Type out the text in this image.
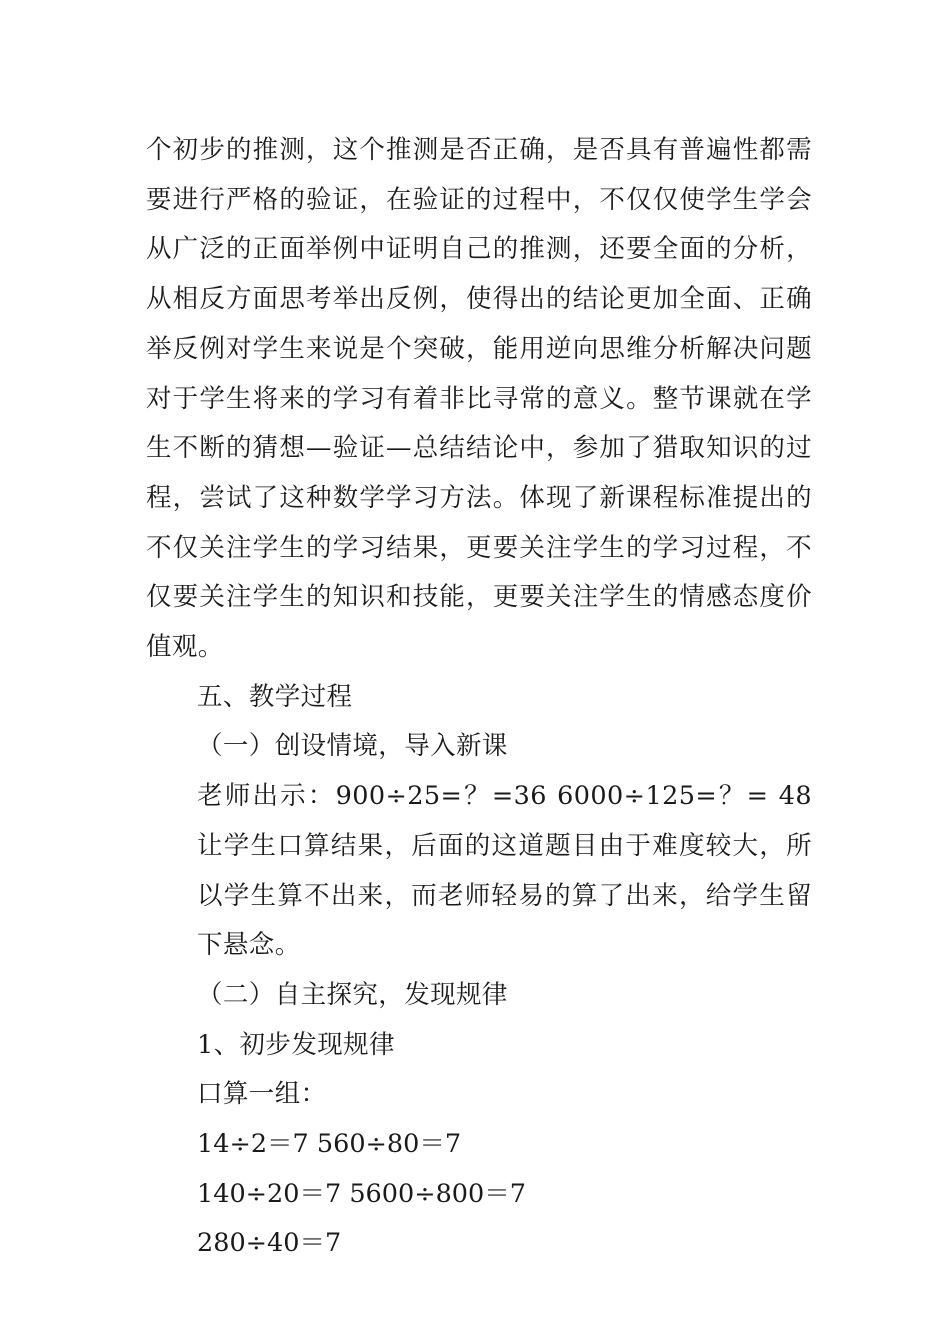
个初步的推测，这个推测是否正确，是否具有普遍性都需要进行严格的验证，在验证的过程中，不仅仅使学生学会从广泛的正面举例中证明自己的推测，还要全面的分析，从相反方面思考举出反例，使得出的结论更加全面、正确举反例对学生来说是个突破，能用逆向思维分析解决问题对于学生将来的学习有着非比寻常的意义。整节课就在学生不断的猜想—验证—总结结论中，参加了猎取知识的过程，尝试了这种数学学习方法。体现了新课程标准提出的不仅关注学生的学习结果，更要关注学生的学习过程，不仅要关注学生的知识和技能，更要关注学生的情感态度价值观。

五、教学过程

（一）创设情境，导入新课

老师出示：900÷25=？=36 6000÷125=？= 48 让学生口算结果，后面的这道题目由于难度较大，所以学生算不出来，而老师轻易的算了出来，给学生留下悬念。

（二）自主探究，发现规律

1、初步发现规律

口算一组：

14÷2＝7 560÷80＝7

140÷20＝7 5600÷800＝7

280÷40＝7
